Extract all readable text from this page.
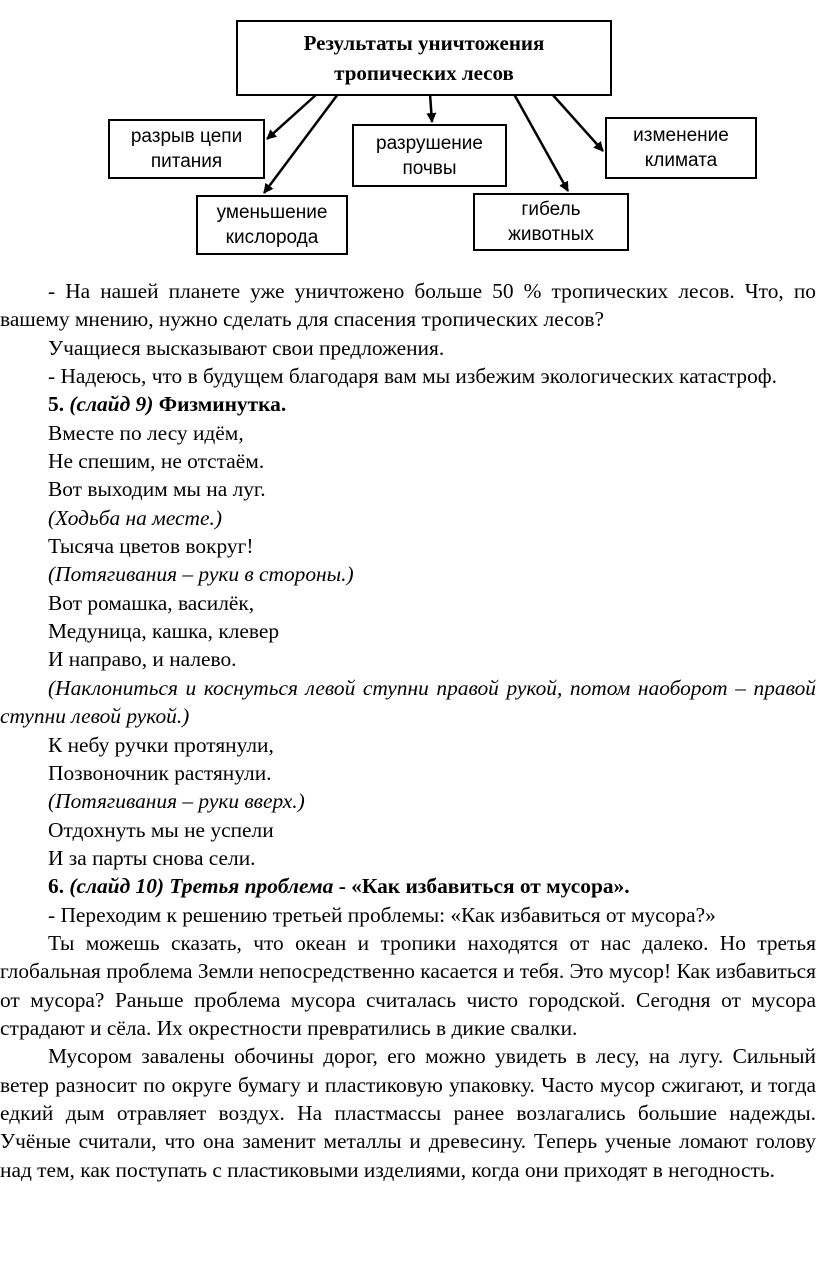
Результаты уничтожения
тропических лесов
разрыв цепи
питания
уменьшение
кислорода
разрушение
почвы
гибель
животных
изменение
климата

- На нашей планете уже уничтожено больше 50 % тропических лесов. Что, по вашему мнению, нужно сделать для спасения тропических лесов?

Учащиеся высказывают свои предложения.

- Надеюсь, что в будущем благодаря вам мы избежим экологических катастроф.

5. (слайд 9) Физминутка.

Вместе по лесу идём,

Не спешим, не отстаём.

Вот выходим мы на луг.

(Ходьба на месте.)

Тысяча цветов вокруг!

(Потягивания – руки в стороны.)

Вот ромашка, василёк,

Медуница, кашка, клевер

И направо, и налево.

(Наклониться и коснуться левой ступни правой рукой, потом наоборот – правой ступни левой рукой.)

К небу ручки протянули,

Позвоночник растянули.

(Потягивания – руки вверх.)

Отдохнуть мы не успели

И за парты снова сели.

6. (слайд 10) Третья проблема - «Как избавиться от мусора».

- Переходим к решению третьей проблемы: «Как избавиться от мусора?»

Ты можешь сказать, что океан и тропики находятся от нас далеко. Но третья глобальная проблема Земли непосредственно касается и тебя. Это мусор! Как избавиться от мусора? Раньше проблема мусора считалась чисто городской. Сегодня от мусора страдают и сёла. Их окрестности превратились в дикие свалки.

Мусором завалены обочины дорог, его можно увидеть в лесу, на лугу. Сильный ветер разносит по округе бумагу и пластиковую упаковку. Часто мусор сжигают, и тогда едкий дым отравляет воздух. На пластмассы ранее возлагались большие надежды. Учёные считали, что она заменит металлы и древесину. Теперь ученые ломают голову над тем, как поступать с пластиковыми изделиями, когда они приходят в негодность.
